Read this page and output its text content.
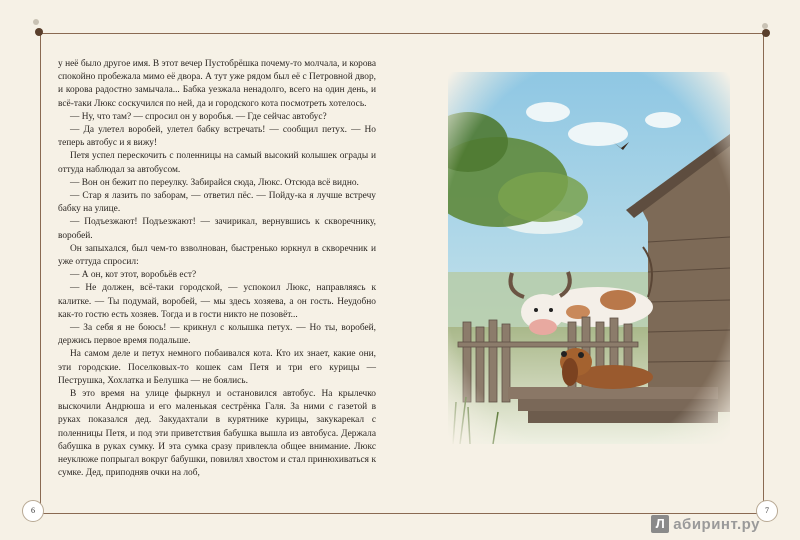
6	7

у неё было другое имя. В этот вечер Пустобрёшка почему-то молчала, и корова спокойно пробежала мимо её двора. А тут уже рядом был её с Петровной двор, и корова радостно замычала... Бабка уезжала ненадолго, всего на один день, и всё-таки Люкс соскучился по ней, да и городского кота посмотреть хотелось.

— Ну, что там? — спросил он у воробья. — Где сейчас автобус?

— Да улетел воробей, улетел бабку встречать! — сообщил петух. — Но теперь автобус и я вижу!

Петя успел перескочить с поленницы на самый высокий колышек ограды и оттуда наблюдал за автобусом.

— Вон он бежит по переулку. Забирайся сюда, Люкс. Отсюда всё видно.

— Стар я лазить по заборам, — ответил пёс. — Пойду-ка я лучше встречу бабку на улице.

— Подъезжают! Подъезжают! — зачирикал, вернувшись к скворечнику, воробей.

Он запыхался, был чем-то взволнован, быстренько юркнул в скворечник и уже оттуда спросил:

— А он, кот этот, воробьёв ест?

— Не должен, всё-таки городской, — успокоил Люкс, направляясь к калитке. — Ты подумай, воробей, — мы здесь хозяева, а он гость. Неудобно как-то гостю есть хозяев. Тогда и в гости никто не позовёт...

— За себя я не боюсь! — крикнул с колышка петух. — Но ты, воробей, держись первое время подальше.

На самом деле и петух немного побаивался кота. Кто их знает, какие они, эти городские. Поселковых-то кошек сам Петя и три его курицы — Пеструшка, Хохлатка и Белушка — не боялись.

В это время на улице фыркнул и остановился автобус. На крылечко выскочили Андрюша и его маленькая сестрёнка Галя. За ними с газетой в руках показался дед. Закудахтали в курятнике курицы, закукарекал с поленницы Петя, и под эти приветствия бабушка вышла из автобуса. Держала бабушка в руках сумку. И эта сумка сразу привлекла общее внимание. Люкс неуклюже попрыгал вокруг бабушки, повилял хвостом и стал принюхиваться к сумке. Дед, приподняв очки на лоб,

Л абиринт.ру
